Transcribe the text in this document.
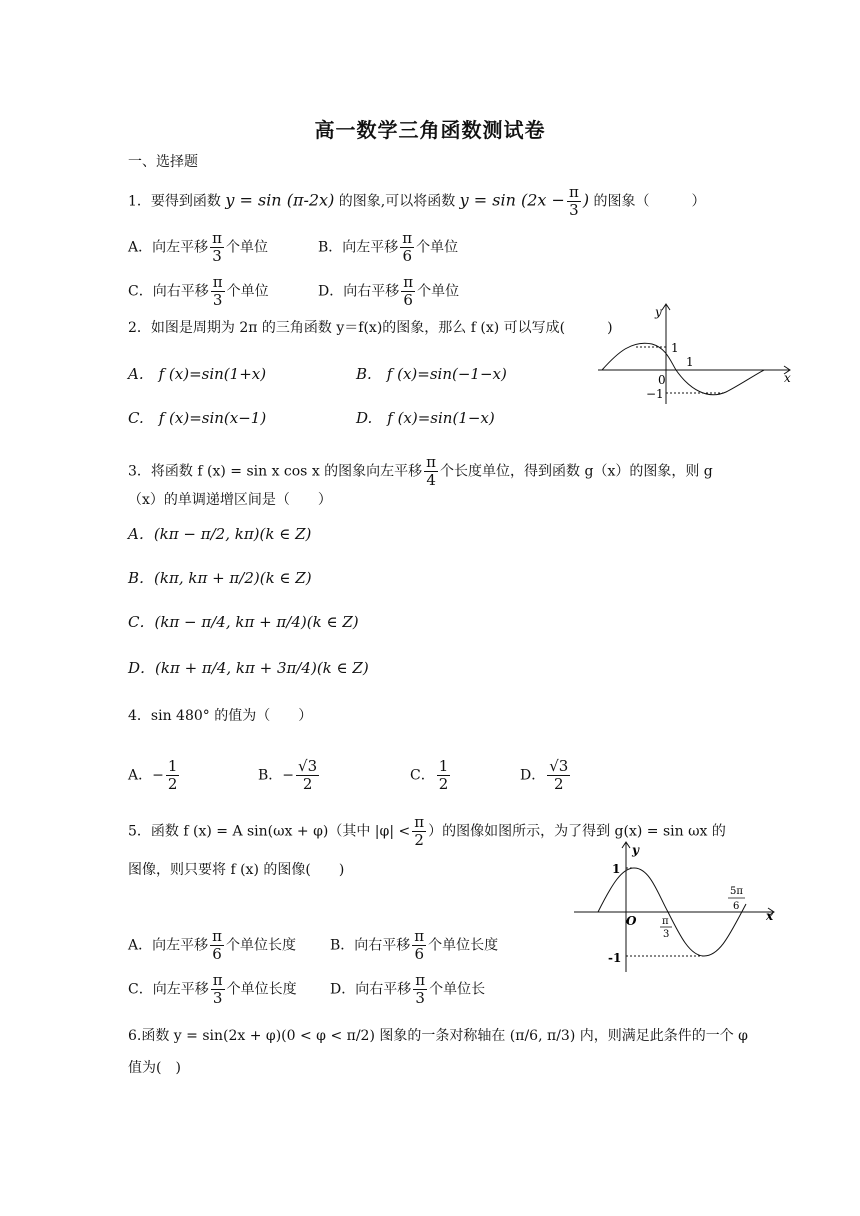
高一数学三角函数测试卷
一、选择题
1．要得到函数 y = sin (π-2x) 的图象,可以将函数 $y = \sin (2x - \frac{\pi}{3}$ ) 的图象（　　　）
A．向左平移 $\frac{\pi}{3}$ 个单位	B．向左平移 $\frac{\pi}{6}$ 个单位
C．向右平移 $\frac{\pi}{3}$ 个单位	D．向右平移 $\frac{\pi}{6}$ 个单位
2．如图是周期为 2π 的三角函数 y＝f(x)的图象，那么 f (x) 可以写成(　　　)
A.　f (x)=sin(1+x)	B.　f (x)=sin(−1−x)
C.　f (x)=sin(x−1)	D.　f (x)=sin(1−x)
y
x
1
1
0
−1
3．将函数 f (x) = sin x cos x 的图象向左平移 $\frac{\pi}{4}$ 个长度单位，得到函数 g（x）的图象，则 g
（x）的单调递增区间是（　　）
A．(kπ − π/2, kπ)(k ∈ Z)
B．(kπ, kπ + π/2)(k ∈ Z)
C．(kπ − π/4, kπ + π/4)(k ∈ Z)
D．(kπ + π/4, kπ + 3π/4)(k ∈ Z)
4．sin 480° 的值为（　　）
A．− $\frac{1}{2}$	B．− $\frac{√3}{2}$	C． $\frac{1}{2}$	D． $\frac{√3}{2}$
5．函数 f (x) = A sin(ωx + φ)（其中 $|\varphi| < \frac{\pi}{2}$ ）的图像如图所示，为了得到 g(x) = sin ωx 的
图像，则只要将 f (x) 的图像(　　)
A．向左平移 $\frac{\pi}{6}$ 个单位长度 B．向右平移 $\frac{\pi}{6}$ 个单位长度
C．向左平移 $\frac{\pi}{3}$ 个单位长度 D．向右平移 $\frac{\pi}{3}$ 个单位长
y
x
1
O
-1
π
3
5π
6
6.函数 y = sin(2x + φ)(0 < φ < π/2) 图象的一条对称轴在 (π/6, π/3) 内，则满足此条件的一个 φ
值为(　)
